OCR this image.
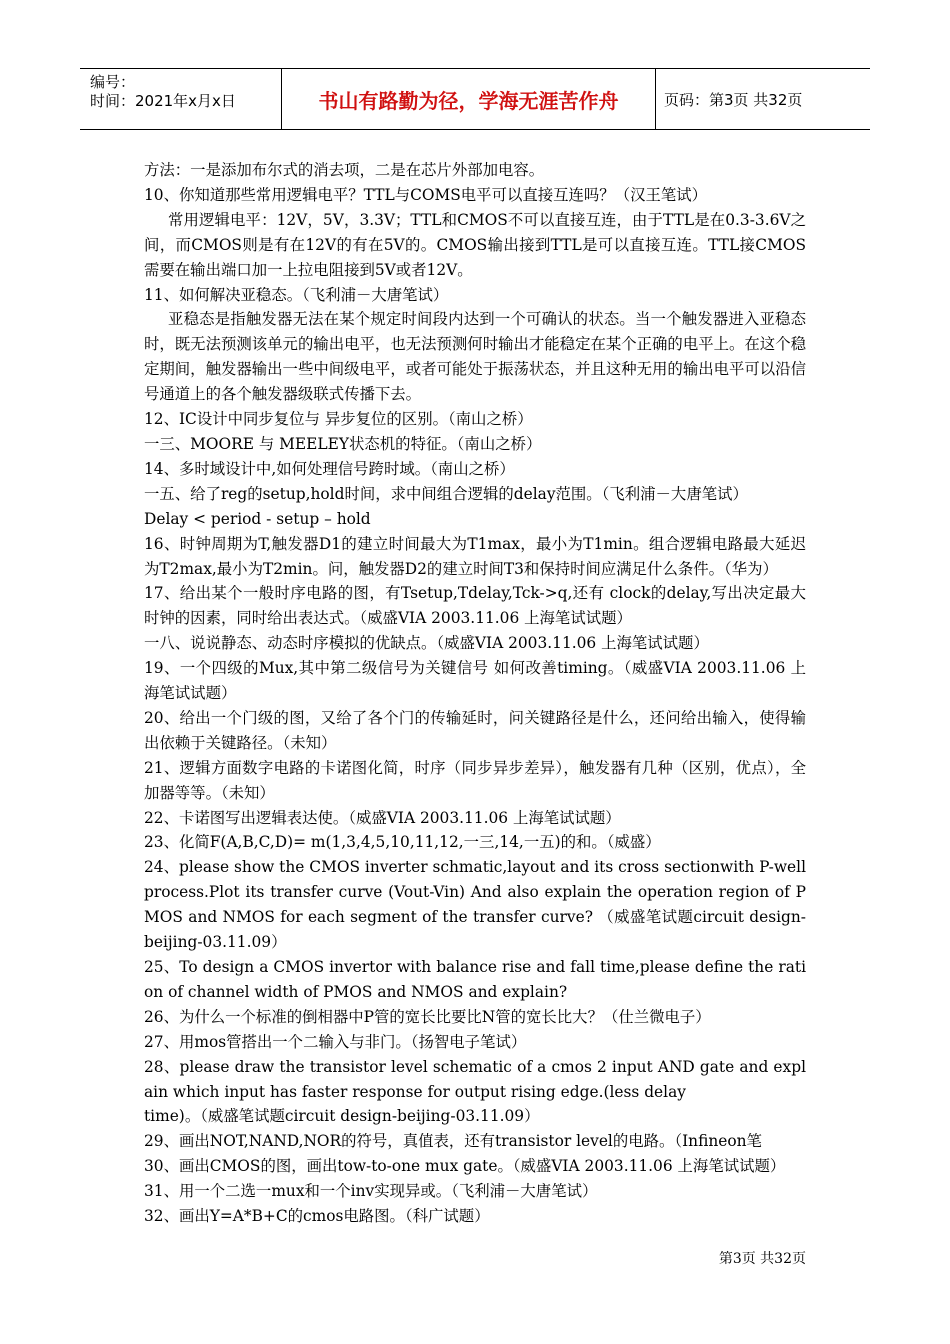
编号：
时间：2021年x月x日	书山有路勤为径，学海无涯苦作舟	页码：第3页 共32页

方法：一是添加布尔式的消去项，二是在芯片外部加电容。

10、你知道那些常用逻辑电平？TTL与COMS电平可以直接互连吗？（汉王笔试）

常用逻辑电平：12V，5V，3.3V；TTL和CMOS不可以直接互连，由于TTL是在0.3-3.6V之间，而CMOS则是有在12V的有在5V的。CMOS输出接到TTL是可以直接互连。TTL接CMOS需要在输出端口加一上拉电阻接到5V或者12V。

11、如何解决亚稳态。（飞利浦－大唐笔试）

亚稳态是指触发器无法在某个规定时间段内达到一个可确认的状态。当一个触发器进入亚稳态时，既无法预测该单元的输出电平，也无法预测何时输出才能稳定在某个正确的电平上。在这个稳定期间，触发器输出一些中间级电平，或者可能处于振荡状态，并且这种无用的输出电平可以沿信号通道上的各个触发器级联式传播下去。

12、IC设计中同步复位与 异步复位的区别。（南山之桥）

一三、MOORE 与 MEELEY状态机的特征。（南山之桥）

14、多时域设计中,如何处理信号跨时域。（南山之桥）

一五、给了reg的setup,hold时间，求中间组合逻辑的delay范围。（飞利浦－大唐笔试）

Delay < period - setup – hold

16、时钟周期为T,触发器D1的建立时间最大为T1max，最小为T1min。组合逻辑电路最大延迟为T2max,最小为T2min。问，触发器D2的建立时间T3和保持时间应满足什么条件。（华为）

17、给出某个一般时序电路的图，有Tsetup,Tdelay,Tck->q,还有 clock的delay,写出决定最大时钟的因素，同时给出表达式。（威盛VIA 2003.11.06 上海笔试试题）

一八、说说静态、动态时序模拟的优缺点。（威盛VIA 2003.11.06 上海笔试试题）

19、一个四级的Mux,其中第二级信号为关键信号 如何改善timing。（威盛VIA 2003.11.06 上海笔试试题）

20、给出一个门级的图，又给了各个门的传输延时，问关键路径是什么，还问给出输入，使得输出依赖于关键路径。（未知）

21、逻辑方面数字电路的卡诺图化简，时序（同步异步差异），触发器有几种（区别，优点），全加器等等。（未知）

22、卡诺图写出逻辑表达使。（威盛VIA 2003.11.06 上海笔试试题）

23、化简F(A,B,C,D)= m(1,3,4,5,10,11,12,一三,14,一五)的和。（威盛）

24、please show the CMOS inverter schmatic,layout and its cross sectionwith P-well process.Plot its transfer curve (Vout-Vin) And also explain the operation region of PMOS and NMOS for each segment of the transfer curve? （威盛笔试题circuit design-beijing-03.11.09）

25、To design a CMOS invertor with balance rise and fall time,please define the ration of channel width of PMOS and NMOS and explain?

26、为什么一个标准的倒相器中P管的宽长比要比N管的宽长比大？（仕兰微电子）

27、用mos管搭出一个二输入与非门。（扬智电子笔试）

28、please draw the transistor level schematic of a cmos 2 input AND gate and explain which input has faster response for output rising edge.(less delay

time)。（威盛笔试题circuit design-beijing-03.11.09）

29、画出NOT,NAND,NOR的符号，真值表，还有transistor level的电路。（Infineon笔

30、画出CMOS的图，画出tow-to-one mux gate。（威盛VIA 2003.11.06 上海笔试试题）

31、用一个二选一mux和一个inv实现异或。（飞利浦－大唐笔试）

32、画出Y=A*B+C的cmos电路图。（科广试题）

第3页 共32页
